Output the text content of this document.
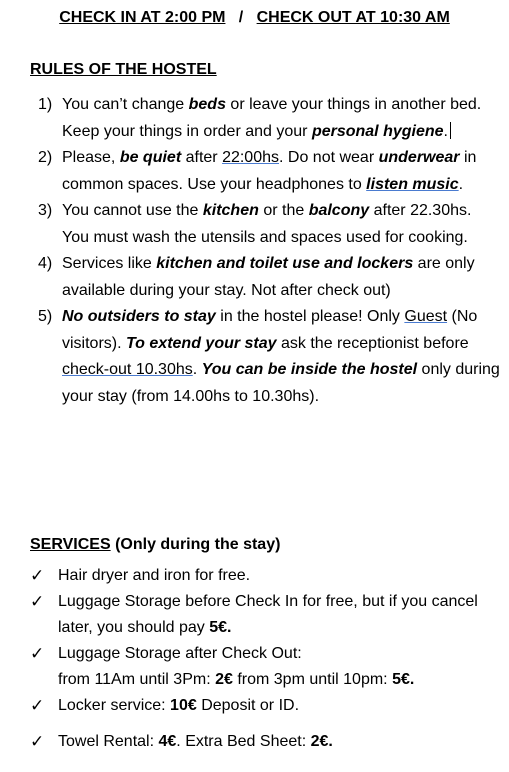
CHECK IN AT 2:00 PM / CHECK OUT AT 10:30 AM
RULES OF THE HOSTEL
1) You can’t change beds or leave your things in another bed. Keep your things in order and your personal hygiene.
2) Please, be quiet after 22:00hs. Do not wear underwear in common spaces. Use your headphones to listen music.
3) You cannot use the kitchen or the balcony after 22.30hs. You must wash the utensils and spaces used for cooking.
4) Services like kitchen and toilet use and lockers are only available during your stay. Not after check out)
5) No outsiders to stay in the hostel please! Only Guest (No visitors). To extend your stay ask the receptionist before check-out 10.30hs. You can be inside the hostel only during your stay (from 14.00hs to 10.30hs).
SERVICES (Only during the stay)
✓ Hair dryer and iron for free.
✓ Luggage Storage before Check In for free, but if you cancel later, you should pay 5€.
✓ Luggage Storage after Check Out:
from 11Am until 3Pm: 2€ from 3pm until 10pm: 5€.
✓ Locker service: 10€ Deposit or ID.
✓ Towel Rental: 4€. Extra Bed Sheet: 2€.
